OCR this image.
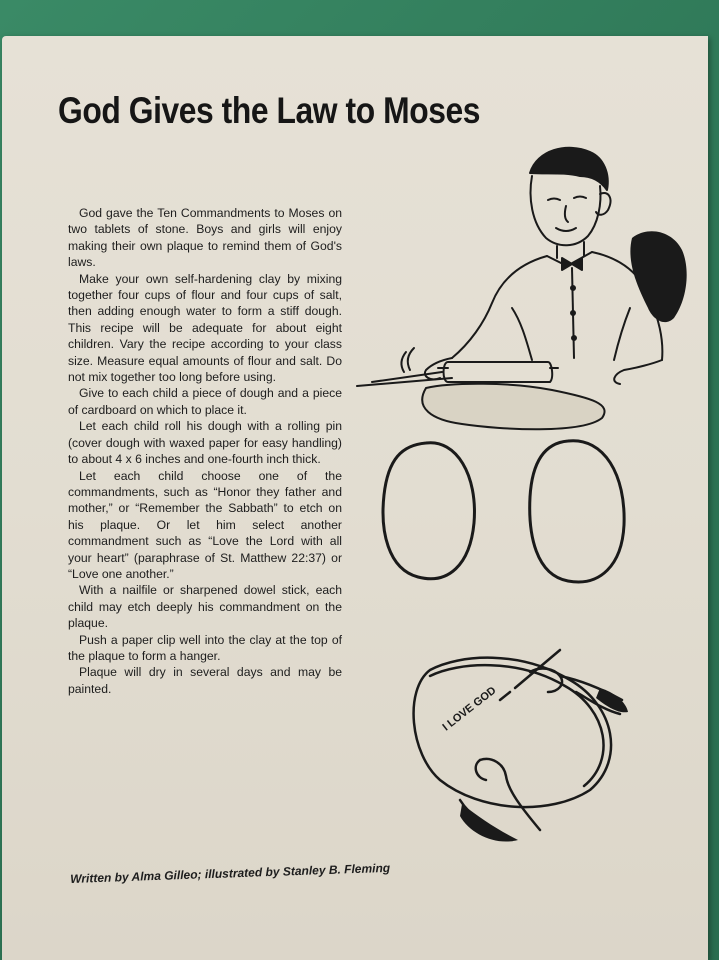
God Gives the Law to Moses

God gave the Ten Commandments to Moses on two tablets of stone. Boys and girls will enjoy making their own plaque to remind them of God's laws.

Make your own self-hardening clay by mixing together four cups of flour and four cups of salt, then adding enough water to form a stiff dough. This recipe will be adequate for about eight children. Vary the recipe according to your class size. Measure equal amounts of flour and salt. Do not mix together too long before using.

Give to each child a piece of dough and a piece of cardboard on which to place it.

Let each child roll his dough with a rolling pin (cover dough with waxed paper for easy handling) to about 4 x 6 inches and one-fourth inch thick.

Let each child choose one of the commandments, such as “Honor they father and mother,” or “Remember the Sabbath” to etch on his plaque. Or let him select another commandment such as “Love the Lord with all your heart” (paraphrase of St. Matthew 22:37) or “Love one another.”

With a nailfile or sharpened dowel stick, each child may etch deeply his commandment on the plaque.

Push a paper clip well into the clay at the top of the plaque to form a hanger.

Plaque will dry in several days and may be painted.	I LOVE GOD

Written by Alma Gilleo; illustrated by Stanley B. Fleming
